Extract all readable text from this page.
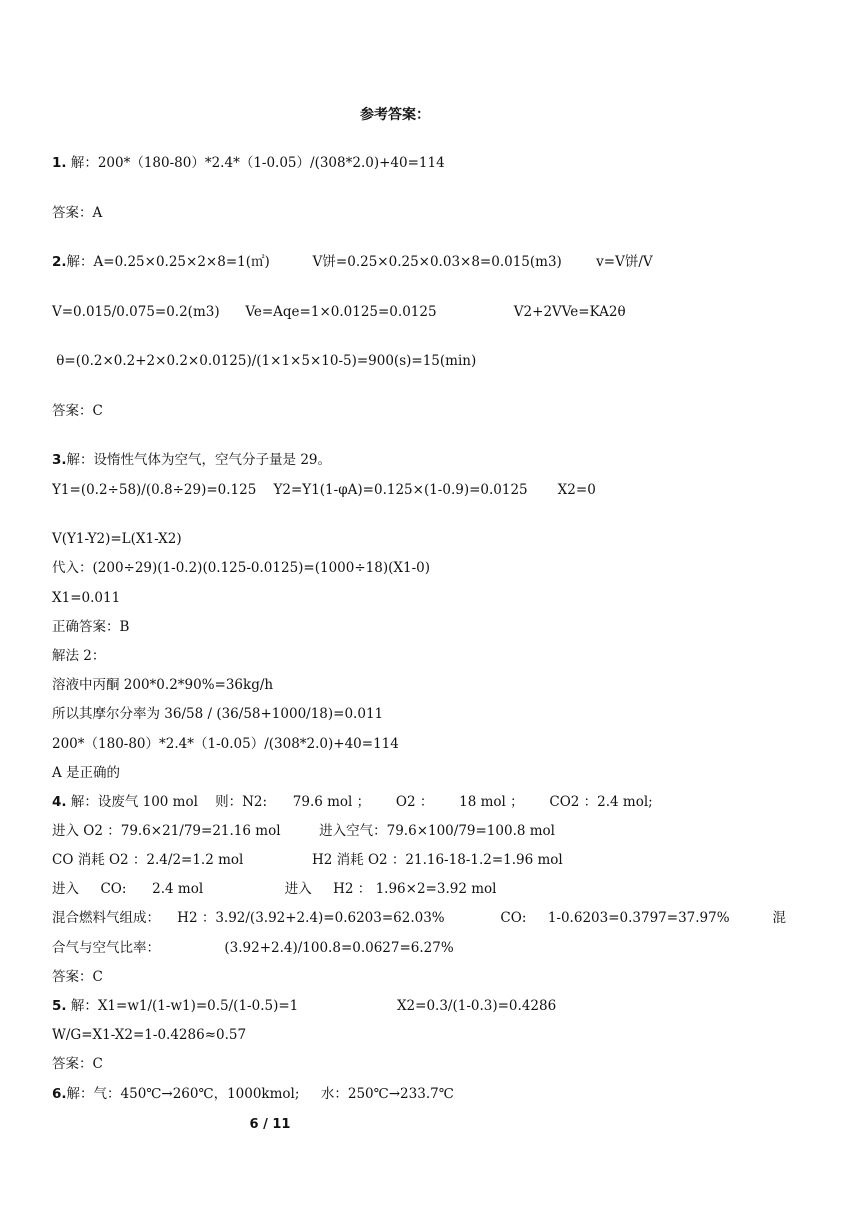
参考答案：
1. 解：200*（180-80）*2.4*（1-0.05）/(308*2.0)+40=114
答案：A
2.解：A=0.25×0.25×2×8=1(㎡)          V饼=0.25×0.25×0.03×8=0.015(m3)        v=V饼/V
V=0.015/0.075=0.2(m3)      Ve=Aqe=1×0.0125=0.0125                  V2+2VVe=KA2θ
θ=(0.2×0.2+2×0.2×0.0125)/(1×1×5×10-5)=900(s)=15(min)
答案：C
3.解：设惰性气体为空气，空气分子量是 29。
Y1=(0.2÷58)/(0.8÷29)=0.125    Y2=Y1(1-φA)=0.125×(1-0.9)=0.0125       X2=0
V(Y1-Y2)=L(X1-X2)
代入：(200÷29)(1-0.2)(0.125-0.0125)=(1000÷18)(X1-0)
X1=0.011
正确答案：B
解法 2：
溶液中丙酮 200*0.2*90%=36kg/h
所以其摩尔分率为 36/58 / (36/58+1000/18)=0.011
200*（180-80）*2.4*（1-0.05）/(308*2.0)+40=114
A 是正确的
4. 解：设废气 100 mol    则：N2:      79.6 mol ；      O2 ：      18 mol ；      CO2 ：2.4 mol;
进入 O2 ：79.6×21/79=21.16 mol         进入空气：79.6×100/79=100.8 mol
CO 消耗 O2 ：2.4/2=1.2 mol                H2 消耗 O2 ：21.16-18-1.2=1.96 mol
进入     CO:      2.4 mol                   进入     H2 ： 1.96×2=3.92 mol
混合燃料气组成：    H2 ：3.92/(3.92+2.4)=0.6203=62.03%             CO:     1-0.6203=0.3797=37.97%          混
合气与空气比率：               (3.92+2.4)/100.8=0.0627=6.27%
答案：C
5. 解：X1=w1/(1-w1)=0.5/(1-0.5)=1                       X2=0.3/(1-0.3)=0.4286
W/G=X1-X2=1-0.4286≈0.57
答案：C
6.解：气：450℃→260℃，1000kmol;     水：250℃→233.7℃
6 / 11
